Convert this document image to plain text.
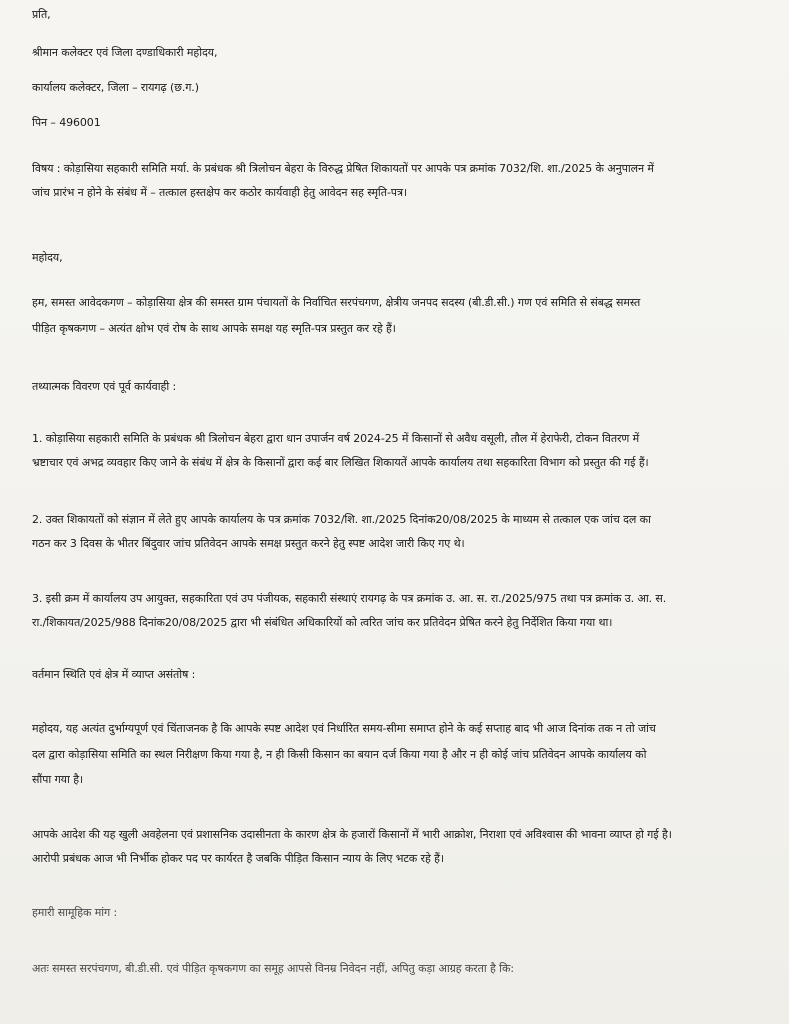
प्रति,
श्रीमान कलेक्टर एवं जिला दण्डाधिकारी महोदय,
कार्यालय कलेक्टर, जिला – रायगढ़ (छ.ग.)
पिन – 496001
विषय : कोड़ासिया सहकारी समिति मर्या. के प्रबंधक श्री त्रिलोचन बेहरा के विरुद्ध प्रेषित शिकायतों पर आपके पत्र क्रमांक 7032/शि. शा./2025 के अनुपालन में
जांच प्रारंभ न होने के संबंध में – तत्काल हस्तक्षेप कर कठोर कार्यवाही हेतु आवेदन सह स्मृति-पत्र।
महोदय,
हम, समस्त आवेदकगण – कोड़ासिया क्षेत्र की समस्त ग्राम पंचायतों के निर्वाचित सरपंचगण, क्षेत्रीय जनपद सदस्य (बी.डी.सी.) गण एवं समिति से संबद्ध समस्त
पीड़ित कृषकगण – अत्यंत क्षोभ एवं रोष के साथ आपके समक्ष यह स्मृति-पत्र प्रस्तुत कर रहे हैं।
तथ्यात्मक विवरण एवं पूर्व कार्यवाही :
1. कोड़ासिया सहकारी समिति के प्रबंधक श्री त्रिलोचन बेहरा द्वारा धान उपार्जन वर्ष 2024-25 में किसानों से अवैध वसूली, तौल में हेराफेरी, टोकन वितरण में
भ्रष्टाचार एवं अभद्र व्यवहार किए जाने के संबंध में क्षेत्र के किसानों द्वारा कई बार लिखित शिकायतें आपके कार्यालय तथा सहकारिता विभाग को प्रस्तुत की गई हैं।
2. उक्त शिकायतों को संज्ञान में लेते हुए आपके कार्यालय के पत्र क्रमांक 7032/शि. शा./2025 दिनांक20/08/2025 के माध्यम से तत्काल एक जांच दल का
गठन कर 3 दिवस के भीतर बिंदुवार जांच प्रतिवेदन आपके समक्ष प्रस्तुत करने हेतु स्पष्ट आदेश जारी किए गए थे।
3. इसी क्रम में कार्यालय उप आयुक्त, सहकारिता एवं उप पंजीयक, सहकारी संस्थाएं रायगढ़ के पत्र क्रमांक उ. आ. स. रा./2025/975 तथा पत्र क्रमांक उ. आ. स.
रा./शिकायत/2025/988 दिनांक20/08/2025 द्वारा भी संबंधित अधिकारियों को त्वरित जांच कर प्रतिवेदन प्रेषित करने हेतु निर्देशित किया गया था।
वर्तमान स्थिति एवं क्षेत्र में व्याप्त असंतोष :
महोदय, यह अत्यंत दुर्भाग्यपूर्ण एवं चिंताजनक है कि आपके स्पष्ट आदेश एवं निर्धारित समय-सीमा समाप्त होने के कई सप्ताह बाद भी आज दिनांक तक न तो जांच
दल द्वारा कोड़ासिया समिति का स्थल निरीक्षण किया गया है, न ही किसी किसान का बयान दर्ज किया गया है और न ही कोई जांच प्रतिवेदन आपके कार्यालय को
सौंपा गया है।
आपके आदेश की यह खुली अवहेलना एवं प्रशासनिक उदासीनता के कारण क्षेत्र के हजारों किसानों में भारी आक्रोश, निराशा एवं अविश्वास की भावना व्याप्त हो गई है।
आरोपी प्रबंधक आज भी निर्भीक होकर पद पर कार्यरत है जबकि पीड़ित किसान न्याय के लिए भटक रहे हैं।
हमारी सामूहिक मांग :
अतः समस्त सरपंचगण, बी.डी.सी. एवं पीड़ित कृषकगण का समूह आपसे विनम्र निवेदन नहीं, अपितु कड़ा आग्रह करता है कि:
